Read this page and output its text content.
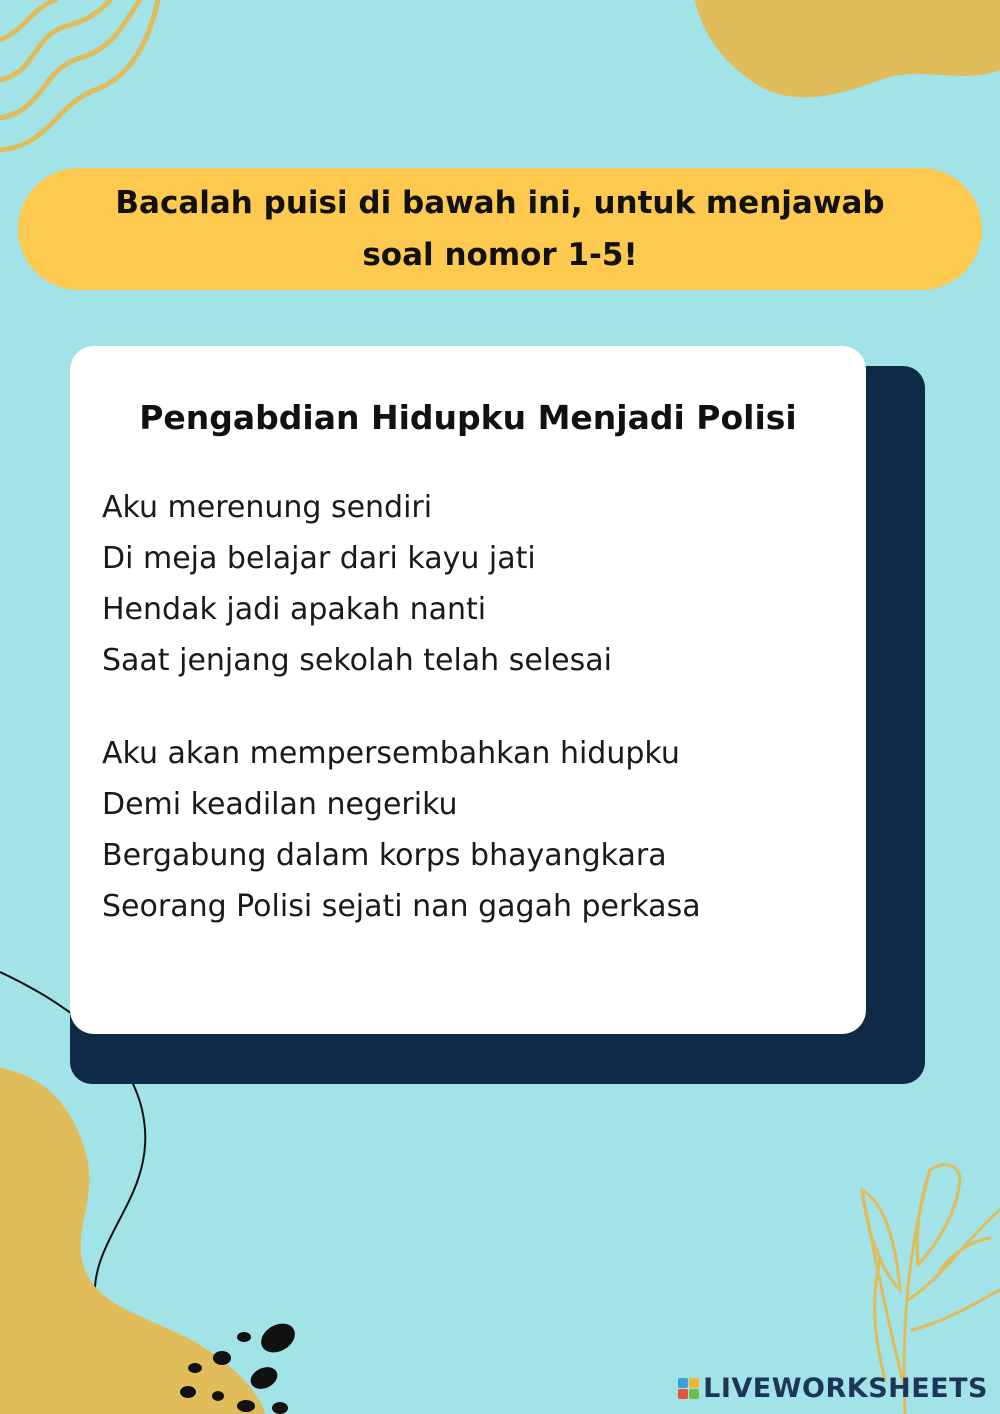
Bacalah puisi di bawah ini, untuk menjawab
soal nomor 1-5!
Pengabdian Hidupku Menjadi Polisi
Aku merenung sendiri
Di meja belajar dari kayu jati
Hendak jadi apakah nanti
Saat jenjang sekolah telah selesai
Aku akan mempersembahkan hidupku
Demi keadilan negeriku
Bergabung dalam korps bhayangkara
Seorang Polisi sejati nan gagah perkasa
LIVEWORKSHEETS
